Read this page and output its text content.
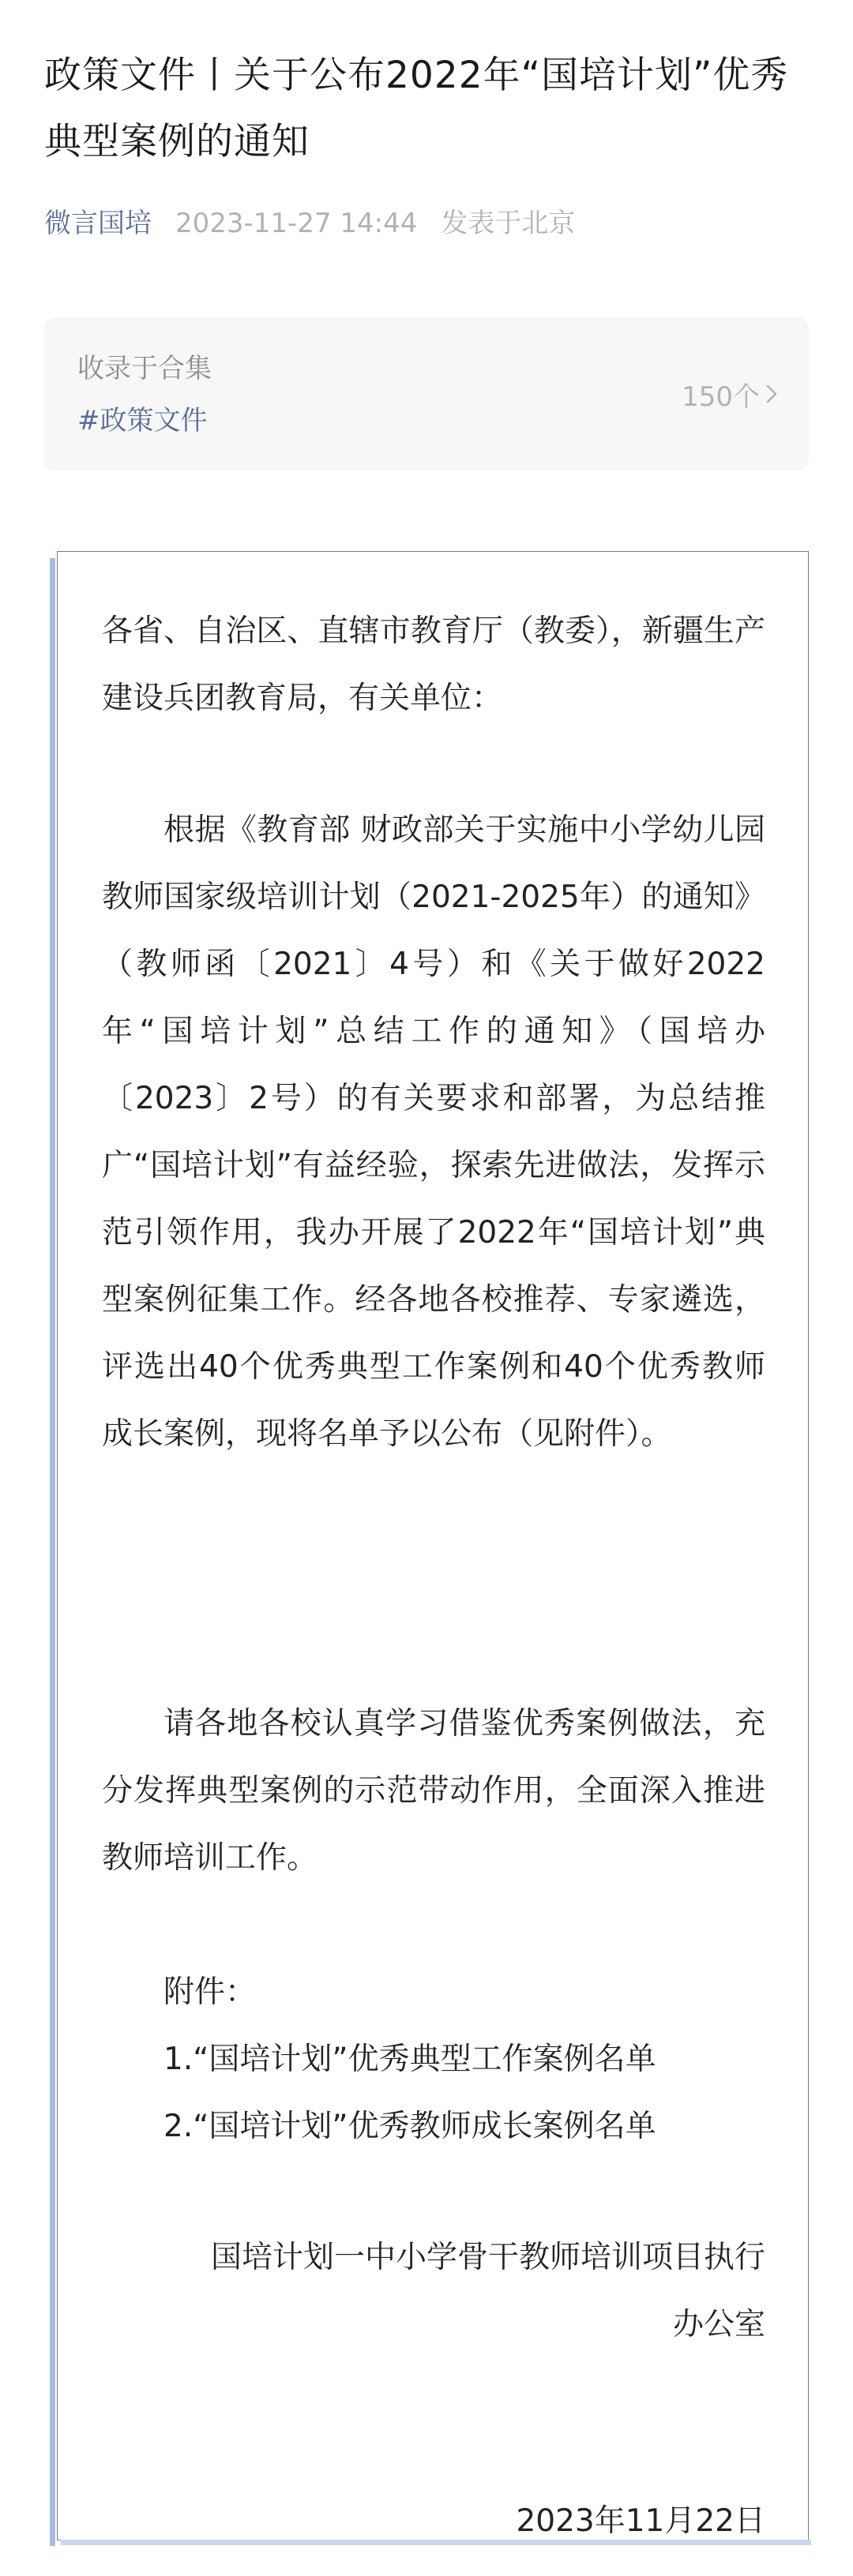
政策文件丨关于公布2022年“国培计划”优秀典型案例的通知
微言国培 2023-11-27 14:44 发表于北京
收录于合集
#政策文件
150个

各省、自治区、直辖市教育厅（教委），新疆生产建设兵团教育局，有关单位：

根据《教育部 财政部关于实施中小学幼儿园教师国家级培训计划（2021-2025年）的通知》（教师函〔2021〕4号）和《关于做好2022年“国培计划”总结工作的通知》（国培办〔2023〕2号）的有关要求和部署，为总结推广“国培计划”有益经验，探索先进做法，发挥示范引领作用，我办开展了2022年“国培计划”典型案例征集工作。经各地各校推荐、专家遴选，评选出40个优秀典型工作案例和40个优秀教师成长案例，现将名单予以公布（见附件）。

请各地各校认真学习借鉴优秀案例做法，充分发挥典型案例的示范带动作用，全面深入推进教师培训工作。

附件：

1.“国培计划”优秀典型工作案例名单

2.“国培计划”优秀教师成长案例名单

国培计划一中小学骨干教师培训项目执行
办公室

2023年11月22日
